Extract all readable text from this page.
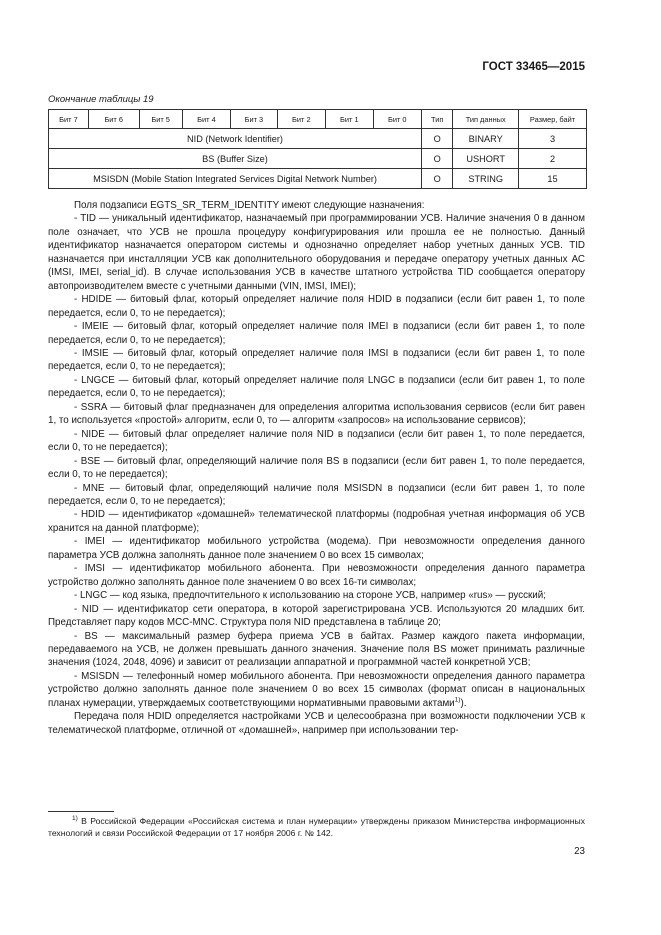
ГОСТ 33465—2015
Окончание таблицы 19
Бит 7	Бит 6	Бит 5	Бит 4	Бит 3	Бит 2	Бит 1	Бит 0	Тип	Тип данных	Размер, байт
NID (Network Identifier)								O	BINARY	3
BS (Buffer Size)								O	USHORT	2
MSISDN (Mobile Station Integrated Services Digital Network Number)								O	STRING	15

Поля подзаписи EGTS_SR_TERM_IDENTITY имеют следующие назначения:

- TID — уникальный идентификатор, назначаемый при программировании УСВ. Наличие значения 0 в данном поле означает, что УСВ не прошла процедуру конфигурирования или прошла ее не полностью. Данный идентификатор назначается оператором системы и однозначно определяет набор учетных данных УСВ. TID назначается при инсталляции УСВ как дополнительного оборудования и передаче оператору учетных данных АС (IMSI, IMEI, serial_id). В случае использования УСВ в качестве штатного устройства TID сообщается оператору автопроизводителем вместе с учетными данными (VIN, IMSI, IMEI);

- HDIDE — битовый флаг, который определяет наличие поля HDID в подзаписи (если бит равен 1, то поле передается, если 0, то не передается);

- IMEIE — битовый флаг, который определяет наличие поля IMEI в подзаписи (если бит равен 1, то поле передается, если 0, то не передается);

- IMSIE — битовый флаг, который определяет наличие поля IMSI в подзаписи (если бит равен 1, то поле передается, если 0, то не передается);

- LNGCE — битовый флаг, который определяет наличие поля LNGC в подзаписи (если бит равен 1, то поле передается, если 0, то не передается);

- SSRA — битовый флаг предназначен для определения алгоритма использования сервисов (если бит равен 1, то используется «простой» алгоритм, если 0, то — алгоритм «запросов» на использование сервисов);

- NIDE — битовый флаг определяет наличие поля NID в подзаписи (если бит равен 1, то поле передается, если 0, то не передается);

- BSE — битовый флаг, определяющий наличие поля BS в подзаписи (если бит равен 1, то поле передается, если 0, то не передается);

- MNE — битовый флаг, определяющий наличие поля MSISDN в подзаписи (если бит равен 1, то поле передается, если 0, то не передается);

- HDID — идентификатор «домашней» телематической платформы (подробная учетная информация об УСВ хранится на данной платформе);

- IMEI — идентификатор мобильного устройства (модема). При невозможности определения данного параметра УСВ должна заполнять данное поле значением 0 во всех 15 символах;

- IMSI — идентификатор мобильного абонента. При невозможности определения данного параметра устройство должно заполнять данное поле значением 0 во всех 16-ти символах;

- LNGC — код языка, предпочтительного к использованию на стороне УСВ, например «rus» — русский;

- NID — идентификатор сети оператора, в которой зарегистрирована УСВ. Используются 20 младших бит. Представляет пару кодов MCC-MNC. Структура поля NID представлена в таблице 20;

- BS — максимальный размер буфера приема УСВ в байтах. Размер каждого пакета информации, передаваемого на УСВ, не должен превышать данного значения. Значение поля BS может принимать различные значения (1024, 2048, 4096) и зависит от реализации аппаратной и программной частей конкретной УСВ;

- MSISDN — телефонный номер мобильного абонента. При невозможности определения данного параметра устройство должно заполнять данное поле значением 0 во всех 15 символах (формат описан в национальных планах нумерации, утверждаемых соответствующими нормативными правовыми актами$^{1)}$).

Передача поля HDID определяется настройками УСВ и целесообразна при возможности подключении УСВ к телематической платформе, отличной от «домашней», например при использовании тер-

$^{1)}$ В Российской Федерации «Российская система и план нумерации» утверждены приказом Министерства информационных технологий и связи Российской Федерации от 17 ноября 2006 г. № 142.
23
